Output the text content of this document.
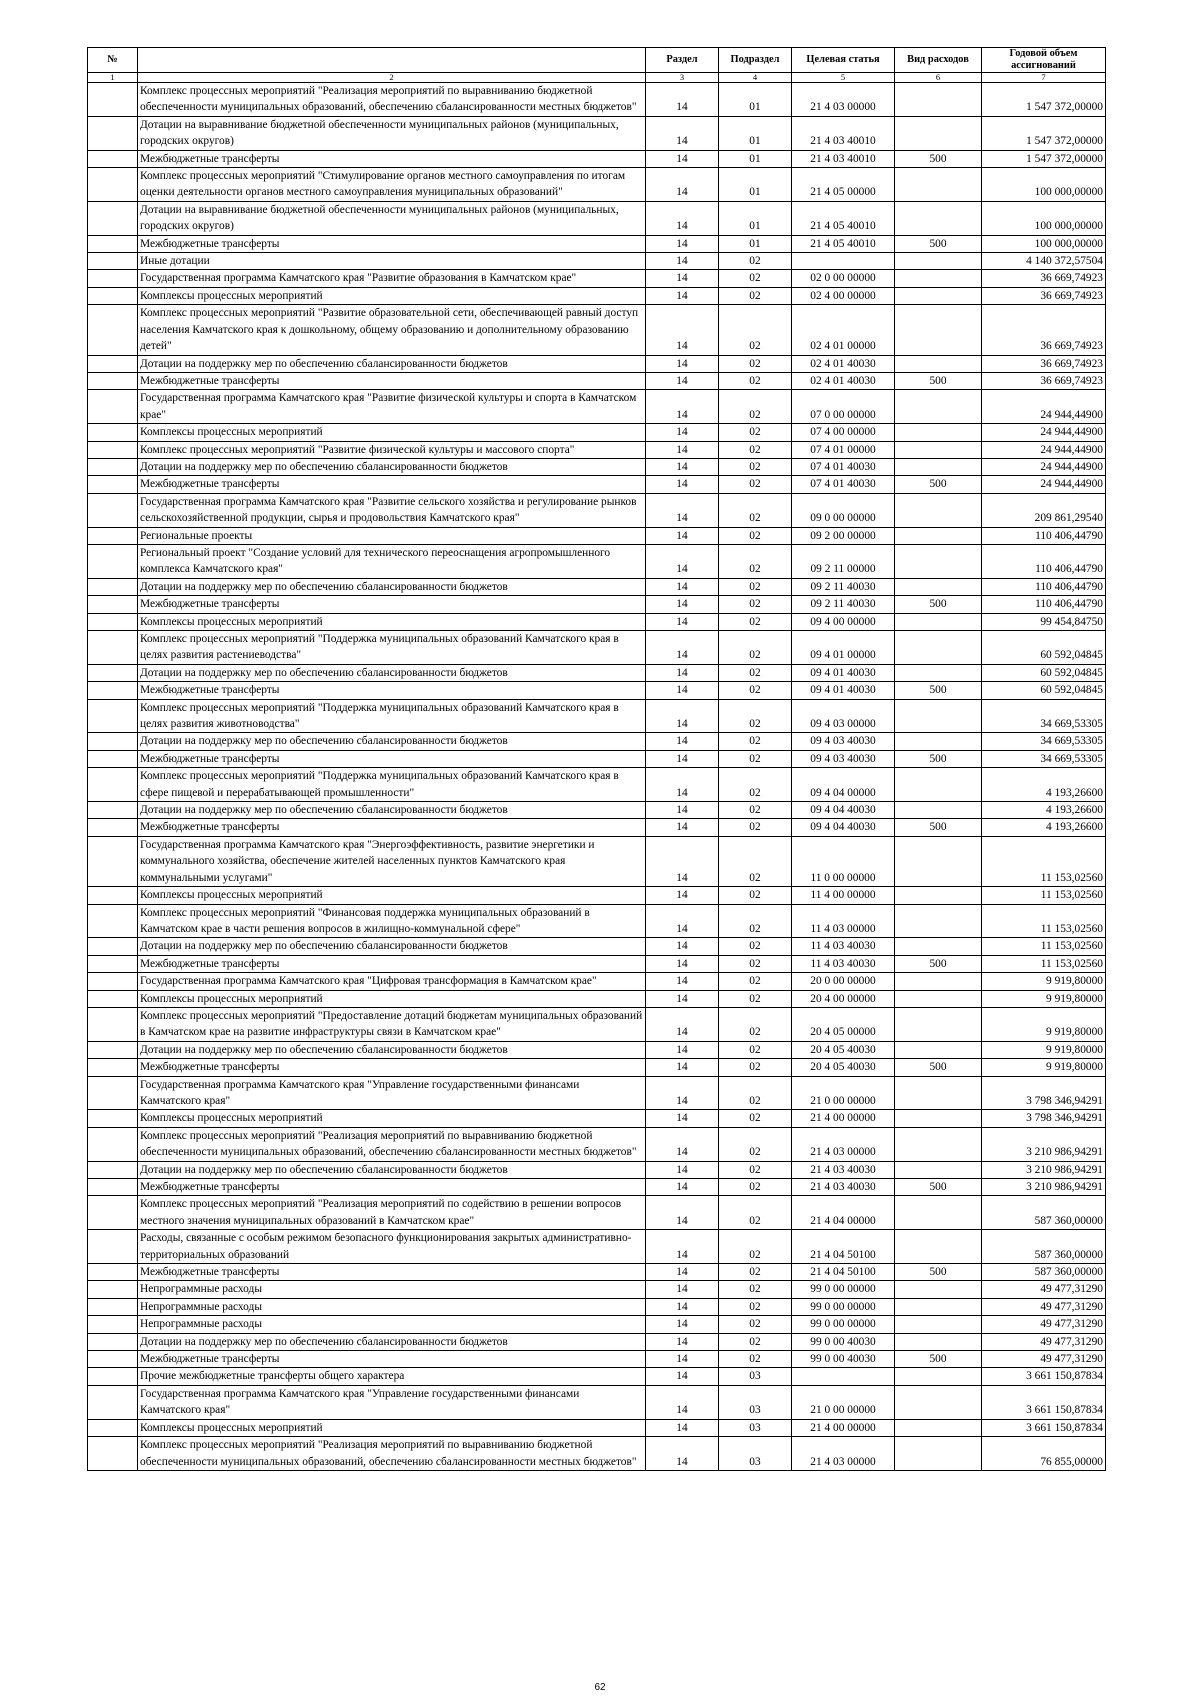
№		Раздел	Подраздел	Целевая статья	Вид расходов	Годовой объем ассигнований
1	2	3	4	5	6	7
	Комплекс процессных мероприятий "Реализация мероприятий по выравниванию бюджетной обеспеченности муниципальных образований, обеспечению сбалансированности местных бюджетов"	14	01	21 4 03 00000		1 547 372,00000
	Дотации на выравнивание бюджетной обеспеченности муниципальных районов (муниципальных, городских округов)	14	01	21 4 03 40010		1 547 372,00000
	Межбюджетные трансферты	14	01	21 4 03 40010	500	1 547 372,00000
	Комплекс процессных мероприятий "Стимулирование органов местного самоуправления по итогам оценки деятельности органов местного самоуправления муниципальных образований"	14	01	21 4 05 00000		100 000,00000
	Дотации на выравнивание бюджетной обеспеченности муниципальных районов (муниципальных, городских округов)	14	01	21 4 05 40010		100 000,00000
	Межбюджетные трансферты	14	01	21 4 05 40010	500	100 000,00000
	Иные дотации	14	02			4 140 372,57504
	Государственная программа Камчатского края "Развитие образования в Камчатском крае"	14	02	02 0 00 00000		36 669,74923
	Комплексы процессных мероприятий	14	02	02 4 00 00000		36 669,74923
	Комплекс процессных мероприятий "Развитие образовательной сети, обеспечивающей равный доступ населения Камчатского края к дошкольному, общему образованию и дополнительному образованию детей"	14	02	02 4 01 00000		36 669,74923
	Дотации на поддержку мер по обеспечению сбалансированности бюджетов	14	02	02 4 01 40030		36 669,74923
	Межбюджетные трансферты	14	02	02 4 01 40030	500	36 669,74923
	Государственная программа Камчатского края "Развитие физической культуры и спорта в Камчатском крае"	14	02	07 0 00 00000		24 944,44900
	Комплексы процессных мероприятий	14	02	07 4 00 00000		24 944,44900
	Комплекс процессных мероприятий "Развитие физической культуры и массового спорта"	14	02	07 4 01 00000		24 944,44900
	Дотации на поддержку мер по обеспечению сбалансированности бюджетов	14	02	07 4 01 40030		24 944,44900
	Межбюджетные трансферты	14	02	07 4 01 40030	500	24 944,44900
	Государственная программа Камчатского края "Развитие сельского хозяйства и регулирование рынков сельскохозяйственной продукции, сырья и продовольствия Камчатского края"	14	02	09 0 00 00000		209 861,29540
	Региональные проекты	14	02	09 2 00 00000		110 406,44790
	Региональный проект "Создание условий для технического переоснащения агропромышленного комплекса Камчатского края"	14	02	09 2 11 00000		110 406,44790
	Дотации на поддержку мер по обеспечению сбалансированности бюджетов	14	02	09 2 11 40030		110 406,44790
	Межбюджетные трансферты	14	02	09 2 11 40030	500	110 406,44790
	Комплексы процессных мероприятий	14	02	09 4 00 00000		99 454,84750
	Комплекс процессных мероприятий "Поддержка муниципальных образований Камчатского края в целях развития растениеводства"	14	02	09 4 01 00000		60 592,04845
	Дотации на поддержку мер по обеспечению сбалансированности бюджетов	14	02	09 4 01 40030		60 592,04845
	Межбюджетные трансферты	14	02	09 4 01 40030	500	60 592,04845
	Комплекс процессных мероприятий "Поддержка муниципальных образований Камчатского края в целях развития животноводства"	14	02	09 4 03 00000		34 669,53305
	Дотации на поддержку мер по обеспечению сбалансированности бюджетов	14	02	09 4 03 40030		34 669,53305
	Межбюджетные трансферты	14	02	09 4 03 40030	500	34 669,53305
	Комплекс процессных мероприятий "Поддержка муниципальных образований Камчатского края в сфере пищевой и перерабатывающей промышленности"	14	02	09 4 04 00000		4 193,26600
	Дотации на поддержку мер по обеспечению сбалансированности бюджетов	14	02	09 4 04 40030		4 193,26600
	Межбюджетные трансферты	14	02	09 4 04 40030	500	4 193,26600
	Государственная программа Камчатского края "Энергоэффективность, развитие энергетики и коммунального хозяйства, обеспечение жителей населенных пунктов Камчатского края коммунальными услугами"	14	02	11 0 00 00000		11 153,02560
	Комплексы процессных мероприятий	14	02	11 4 00 00000		11 153,02560
	Комплекс процессных мероприятий "Финансовая поддержка муниципальных образований в Камчатском крае в части решения вопросов в жилищно-коммунальной сфере"	14	02	11 4 03 00000		11 153,02560
	Дотации на поддержку мер по обеспечению сбалансированности бюджетов	14	02	11 4 03 40030		11 153,02560
	Межбюджетные трансферты	14	02	11 4 03 40030	500	11 153,02560
	Государственная программа Камчатского края "Цифровая трансформация в Камчатском крае"	14	02	20 0 00 00000		9 919,80000
	Комплексы процессных мероприятий	14	02	20 4 00 00000		9 919,80000
	Комплекс процессных мероприятий "Предоставление дотаций бюджетам муниципальных образований в Камчатском крае на развитие инфраструктуры связи в Камчатском крае"	14	02	20 4 05 00000		9 919,80000
	Дотации на поддержку мер по обеспечению сбалансированности бюджетов	14	02	20 4 05 40030		9 919,80000
	Межбюджетные трансферты	14	02	20 4 05 40030	500	9 919,80000
	Государственная программа Камчатского края "Управление государственными финансами Камчатского края"	14	02	21 0 00 00000		3 798 346,94291
	Комплексы процессных мероприятий	14	02	21 4 00 00000		3 798 346,94291
	Комплекс процессных мероприятий "Реализация мероприятий по выравниванию бюджетной обеспеченности муниципальных образований, обеспечению сбалансированности местных бюджетов"	14	02	21 4 03 00000		3 210 986,94291
	Дотации на поддержку мер по обеспечению сбалансированности бюджетов	14	02	21 4 03 40030		3 210 986,94291
	Межбюджетные трансферты	14	02	21 4 03 40030	500	3 210 986,94291
	Комплекс процессных мероприятий "Реализация мероприятий по содействию в решении вопросов местного значения муниципальных образований в Камчатском крае"	14	02	21 4 04 00000		587 360,00000
	Расходы, связанные с особым режимом безопасного функционирования закрытых административно-территориальных образований	14	02	21 4 04 50100		587 360,00000
	Межбюджетные трансферты	14	02	21 4 04 50100	500	587 360,00000
	Непрограммные расходы	14	02	99 0 00 00000		49 477,31290
	Непрограммные расходы	14	02	99 0 00 00000		49 477,31290
	Непрограммные расходы	14	02	99 0 00 00000		49 477,31290
	Дотации на поддержку мер по обеспечению сбалансированности бюджетов	14	02	99 0 00 40030		49 477,31290
	Межбюджетные трансферты	14	02	99 0 00 40030	500	49 477,31290
	Прочие межбюджетные трансферты общего характера	14	03			3 661 150,87834
	Государственная программа Камчатского края "Управление государственными финансами Камчатского края"	14	03	21 0 00 00000		3 661 150,87834
	Комплексы процессных мероприятий	14	03	21 4 00 00000		3 661 150,87834
	Комплекс процессных мероприятий "Реализация мероприятий по выравниванию бюджетной обеспеченности муниципальных образований, обеспечению сбалансированности местных бюджетов"	14	03	21 4 03 00000		76 855,00000
62
